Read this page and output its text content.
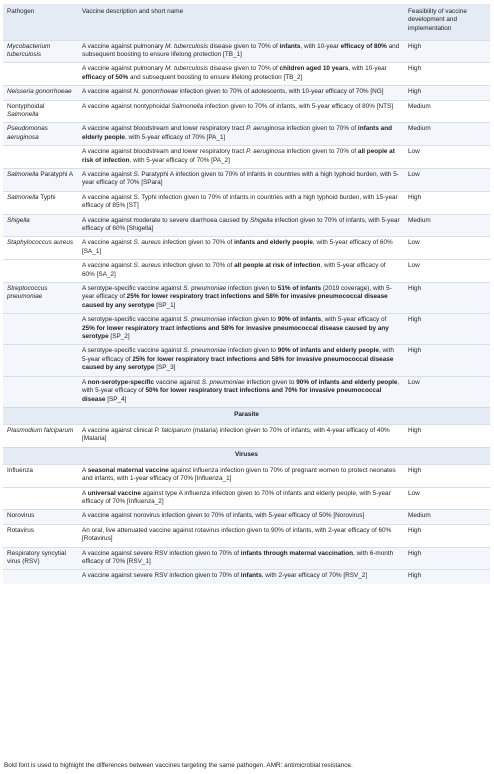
Pathogen	Vaccine description and short name	Feasibility of vaccine development and implementation
Mycobacterium tuberculosis	A vaccine against pulmonary M. tuberculosis disease given to 70% of infants, with 10-year efficacy of 80% and subsequent boosting to ensure lifelong protection [TB_1]	High
	A vaccine against pulmonary M. tuberculosis disease given to 70% of children aged 10 years, with 10-year efficacy of 50% and subsequent boosting to ensure lifelong protection [TB_2]	High
Neisseria gonorrhoeae	A vaccine against N. gonorrhoeae infection given to 70% of adolescents, with 10-year efficacy of 70% [NG]	High
Nontyphoidal Salmonella	A vaccine against nontyphoidal Salmonella infection given to 70% of infants, with 5-year efficacy of 80% [NTS]	Medium
Pseudomonas aeruginosa	A vaccine against bloodstream and lower respiratory tract P. aeruginosa infection given to 70% of infants and elderly people, with 5-year efficacy of 70% [PA_1]	Medium
	A vaccine against bloodstream and lower respiratory tract P. aeruginosa infection given to 70% of all people at risk of infection, with 5-year efficacy of 70% [PA_2]	Low
Salmonella Paratyphi A	A vaccine against S. Paratyphi A infection given to 70% of infants in countries with a high typhoid burden, with 5-year efficacy of 70% [SPara]	Low
Salmonella Typhi	A vaccine against S. Typhi infection given to 70% of infants in countries with a high typhoid burden, with 15-year efficacy of 85% [ST]	High
Shigella	A vaccine against moderate to severe diarrhoea caused by Shigella infection given to 70% of infants, with 5-year efficacy of 60% [Shigella]	Medium
Staphylococcus aureus	A vaccine against S. aureus infection given to 70% of infants and elderly people, with 5-year efficacy of 60% [SA_1]	Low
	A vaccine against S. aureus infection given to 70% of all people at risk of infection, with 5-year efficacy of 60% [SA_2]	Low
Streptococcus pneumoniae	A serotype-specific vaccine against S. pneumoniae infection given to 51% of infants (2019 coverage), with 5-year efficacy of 25% for lower respiratory tract infections and 58% for invasive pneumococcal disease caused by any serotype [SP_1]	High
	A serotype-specific vaccine against S. pneumoniae infection given to 90% of infants, with 5-year efficacy of 25% for lower respiratory tract infections and 58% for invasive pneumococcal disease caused by any serotype [SP_2]	High
	A serotype-specific vaccine against S. pneumoniae infection given to 90% of infants and elderly people, with 5-year efficacy of 25% for lower respiratory tract infections and 58% for invasive pneumococcal disease caused by any serotype [SP_3]	High
	A non-serotype-specific vaccine against S. pneumoniae infection given to 90% of infants and elderly people, with 5-year efficacy of 50% for lower respiratory tract infections and 70% for invasive pneumococcal disease [SP_4]	Low
Parasite		
Plasmodium falciparum	A vaccine against clinical P. falciparum (malaria) infection given to 70% of infants, with 4-year efficacy of 40% [Malaria]	High
Viruses		
Influenza	A seasonal maternal vaccine against influenza infection given to 70% of pregnant women to protect neonates and infants, with 1-year efficacy of 70% [Influenza_1]	High
	A universal vaccine against type A influenza infection given to 70% of infants and elderly people, with 5-year efficacy of 70% [Influenza_2]	Low
Norovirus	A vaccine against norovirus infection given to 70% of infants, with 5-year efficacy of 50% [Norovirus]	Medium
Rotavirus	An oral, live attenuated vaccine against rotavirus infection given to 90% of infants, with 2-year efficacy of 60% [Rotavirus]	High
Respiratory syncytial virus (RSV)	A vaccine against severe RSV infection given to 70% of infants through maternal vaccination, with 6-month efficacy of 70% [RSV_1]	High
	A vaccine against severe RSV infection given to 70% of infants, with 2-year efficacy of 70% [RSV_2]	High
Bold font is used to highlight the differences between vaccines targeting the same pathogen. AMR: antimicrobial resistance.
